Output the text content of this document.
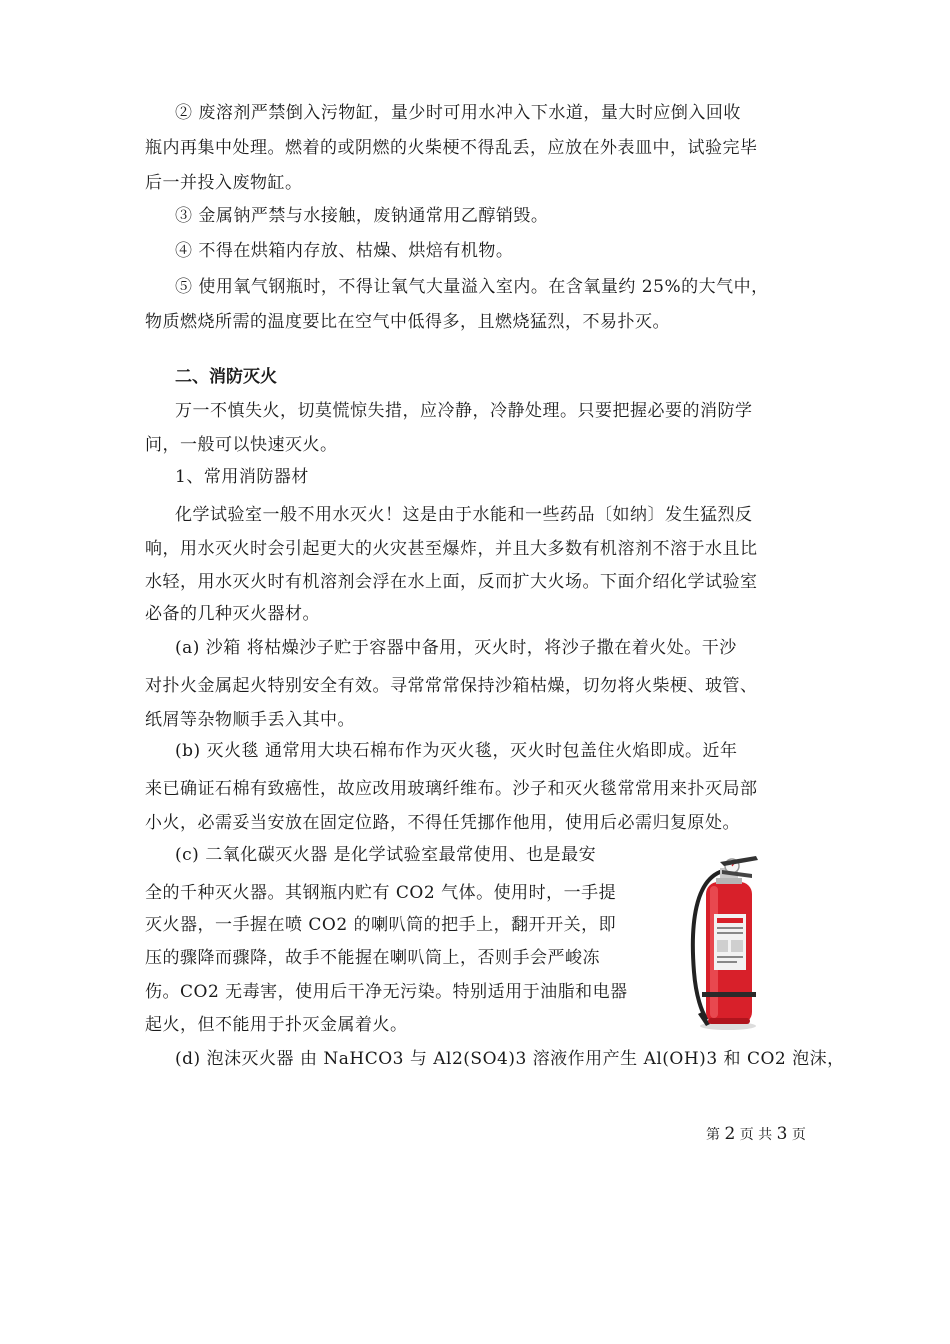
② 废溶剂严禁倒入污物缸，量少时可用水冲入下水道，量大时应倒入回收
瓶内再集中处理。燃着的或阴燃的火柴梗不得乱丢，应放在外表皿中，试验完毕
后一并投入废物缸。
③ 金属钠严禁与水接触，废钠通常用乙醇销毁。
④ 不得在烘箱内存放、枯燥、烘焙有机物。
⑤ 使用氧气钢瓶时，不得让氧气大量溢入室内。在含氧量约 25%的大气中，
物质燃烧所需的温度要比在空气中低得多，且燃烧猛烈，不易扑灭。
二、消防灭火
万一不慎失火，切莫慌惊失措，应冷静，冷静处理。只要把握必要的消防学
问，一般可以快速灭火。
1、常用消防器材
化学试验室一般不用水灭火！这是由于水能和一些药品〔如纳〕发生猛烈反
响，用水灭火时会引起更大的火灾甚至爆炸，并且大多数有机溶剂不溶于水且比
水轻，用水灭火时有机溶剂会浮在水上面，反而扩大火场。下面介绍化学试验室
必备的几种灭火器材。
(a) 沙箱 将枯燥沙子贮于容器中备用，灭火时，将沙子撒在着火处。干沙
对扑火金属起火特别安全有效。寻常常常保持沙箱枯燥，切勿将火柴梗、玻管、
纸屑等杂物顺手丢入其中。
(b) 灭火毯 通常用大块石棉布作为灭火毯，灭火时包盖住火焰即成。近年
来已确证石棉有致癌性，故应改用玻璃纤维布。沙子和灭火毯常常用来扑灭局部
小火，必需妥当安放在固定位路，不得任凭挪作他用，使用后必需归复原处。
(c) 二氧化碳灭火器 是化学试验室最常使用、也是最安
全的千种灭火器。其钢瓶内贮有 CO2 气体。使用时，一手提
灭火器，一手握在喷 CO2 的喇叭筒的把手上，翻开开关，即
压的骤降而骤降，故手不能握在喇叭筒上，否则手会严峻冻
伤。CO2 无毒害，使用后干净无污染。特别适用于油脂和电器
起火，但不能用于扑灭金属着火。
(d) 泡沫灭火器 由 NaHCO3 与 Al2(SO4)3 溶液作用产生 Al(OH)3 和 CO2 泡沫，
第 2 页 共 3 页
